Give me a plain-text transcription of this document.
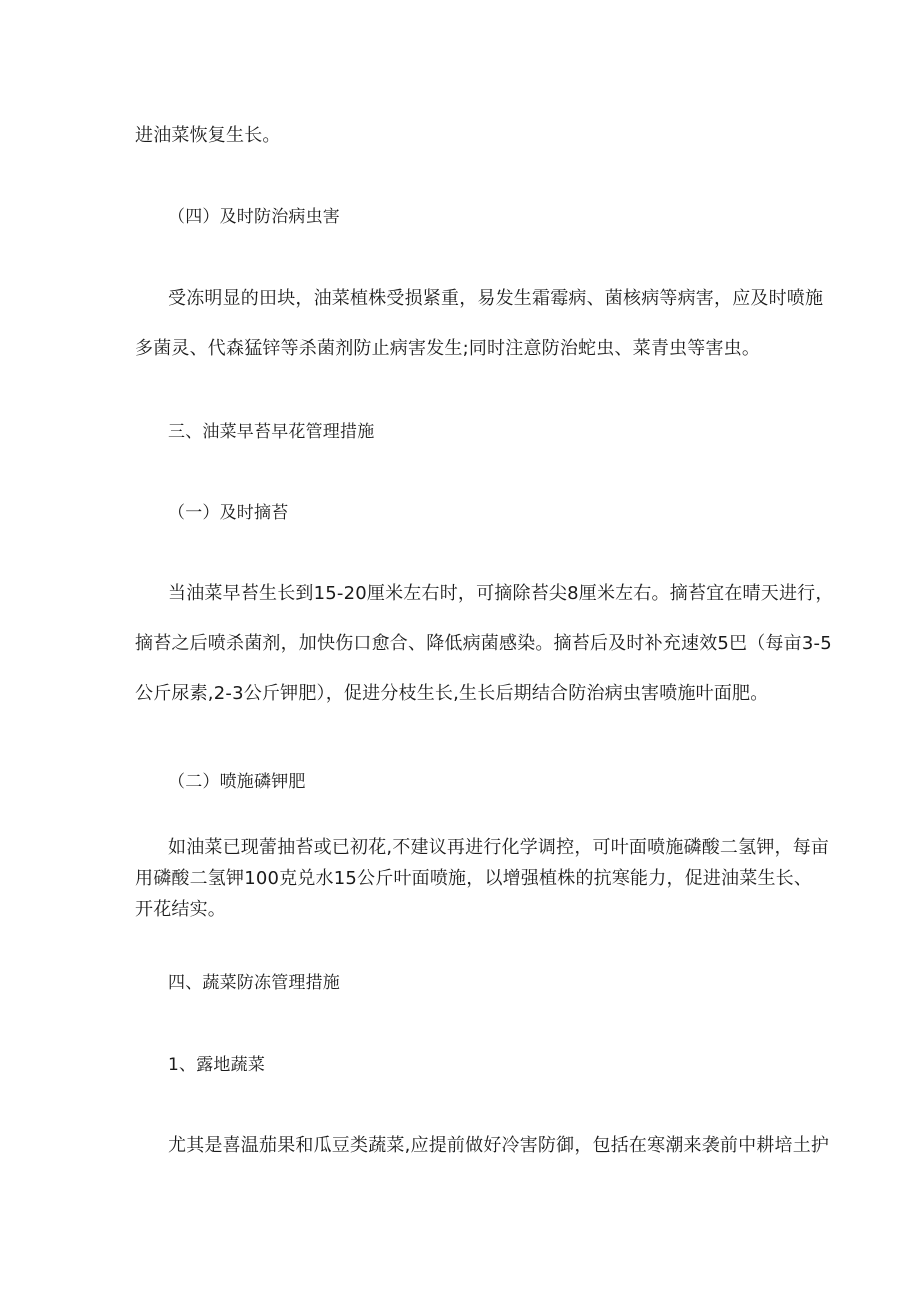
进油菜恢复生长。
（四）及时防治病虫害
受冻明显的田块，油菜植株受损紧重，易发生霜霉病、菌核病等病害，应及时喷施
多菌灵、代森猛锌等杀菌剂防止病害发生;同时注意防治蛇虫、菜青虫等害虫。
三、油菜早苔早花管理措施
（一）及时摘苔
当油菜早苔生长到15-20厘米左右时，可摘除苔尖8厘米左右。摘苔宜在晴天进行，
摘苔之后喷杀菌剂，加快伤口愈合、降低病菌感染。摘苔后及时补充速效5巴（每亩3-5
公斤尿素,2-3公斤钾肥），促进分枝生长,生长后期结合防治病虫害喷施叶面肥。
（二）喷施磷钾肥
如油菜已现蕾抽苔或已初花,不建议再进行化学调控，可叶面喷施磷酸二氢钾，每亩
用磷酸二氢钾100克兑水15公斤叶面喷施，以增强植株的抗寒能力，促进油菜生长、
开花结实。
四、蔬菜防冻管理措施
1、露地蔬菜
尤其是喜温茄果和瓜豆类蔬菜,应提前做好冷害防御，包括在寒潮来袭前中耕培土护
